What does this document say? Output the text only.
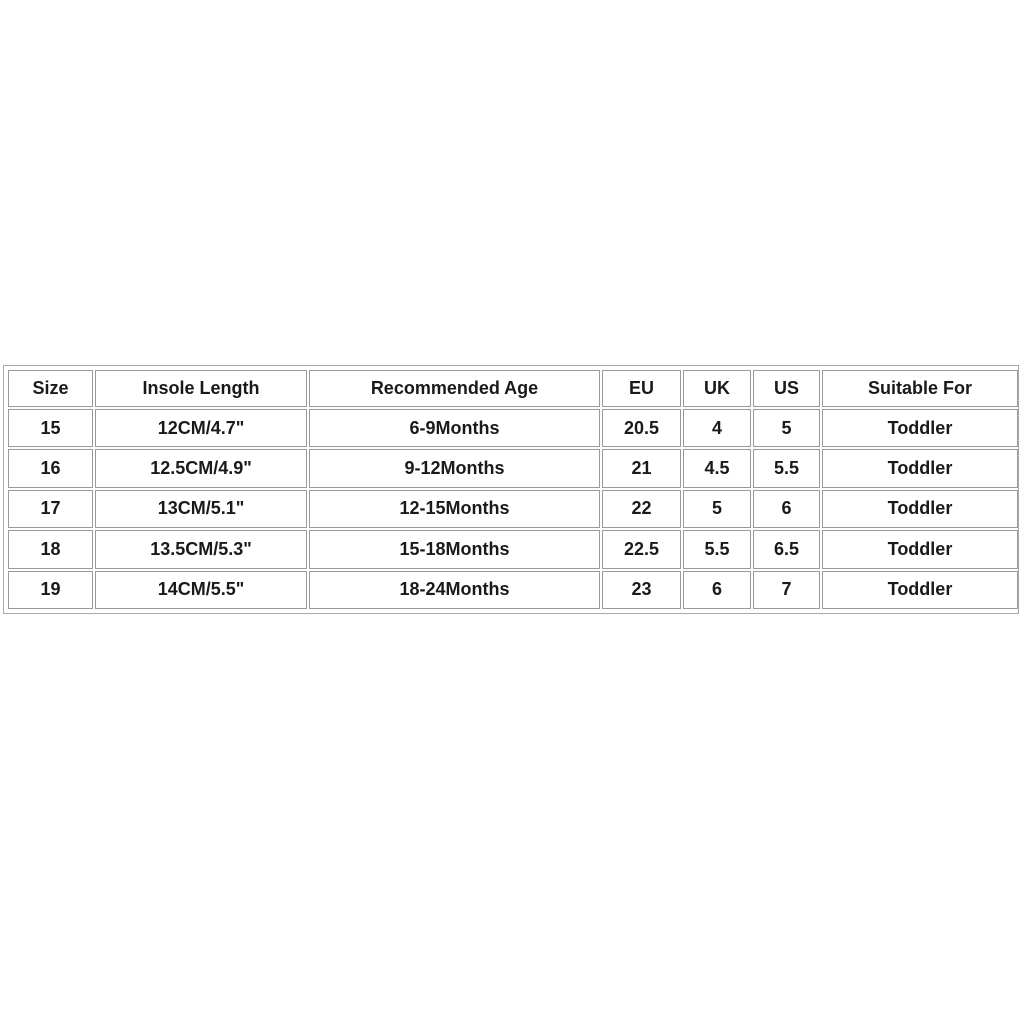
Size	Insole Length	Recommended Age	EU	UK	US	Suitable For
15	12CM/4.7"	6-9Months	20.5	4	5	Toddler
16	12.5CM/4.9"	9-12Months	21	4.5	5.5	Toddler
17	13CM/5.1"	12-15Months	22	5	6	Toddler
18	13.5CM/5.3"	15-18Months	22.5	5.5	6.5	Toddler
19	14CM/5.5"	18-24Months	23	6	7	Toddler
